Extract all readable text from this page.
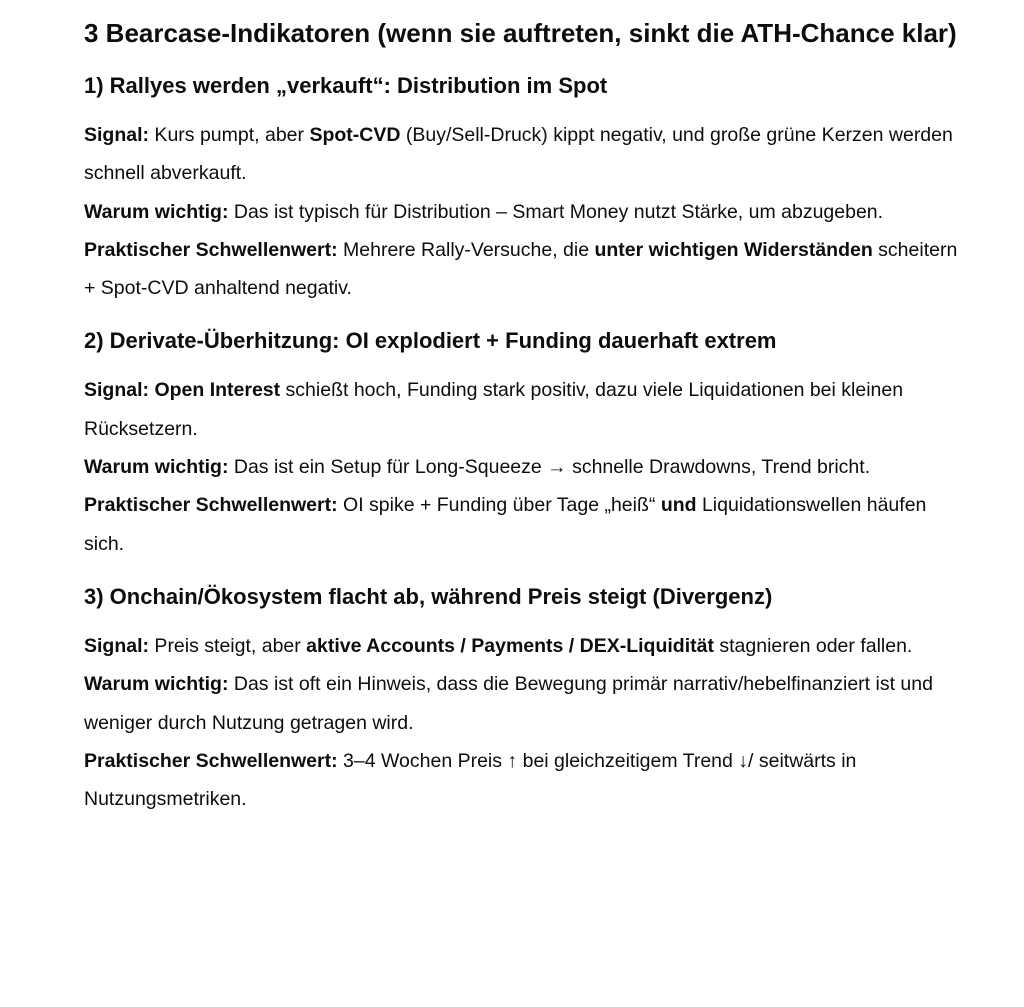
3 Bearcase-Indikatoren (wenn sie auftreten, sinkt die ATH-Chance klar)
1) Rallyes werden „verkauft“: Distribution im Spot

Signal: Kurs pumpt, aber Spot-CVD (Buy/Sell-Druck) kippt negativ, und große grüne Kerzen werden schnell abverkauft.

Warum wichtig: Das ist typisch für Distribution – Smart Money nutzt Stärke, um abzugeben.

Praktischer Schwellenwert: Mehrere Rally-Versuche, die unter wichtigen Widerständen scheitern + Spot-CVD anhaltend negativ.

2) Derivate-Überhitzung: OI explodiert + Funding dauerhaft extrem

Signal: Open Interest schießt hoch, Funding stark positiv, dazu viele Liquidationen bei kleinen Rücksetzern.

Warum wichtig: Das ist ein Setup für Long-Squeeze → schnelle Drawdowns, Trend bricht.

Praktischer Schwellenwert: OI spike + Funding über Tage „heiß“ und Liquidationswellen häufen sich.

3) Onchain/Ökosystem flacht ab, während Preis steigt (Divergenz)

Signal: Preis steigt, aber aktive Accounts / Payments / DEX-Liquidität stagnieren oder fallen.

Warum wichtig: Das ist oft ein Hinweis, dass die Bewegung primär narrativ/hebelfinanziert ist und weniger durch Nutzung getragen wird.

Praktischer Schwellenwert: 3–4 Wochen Preis ↑ bei gleichzeitigem Trend ↓/ seitwärts in Nutzungsmetriken.
